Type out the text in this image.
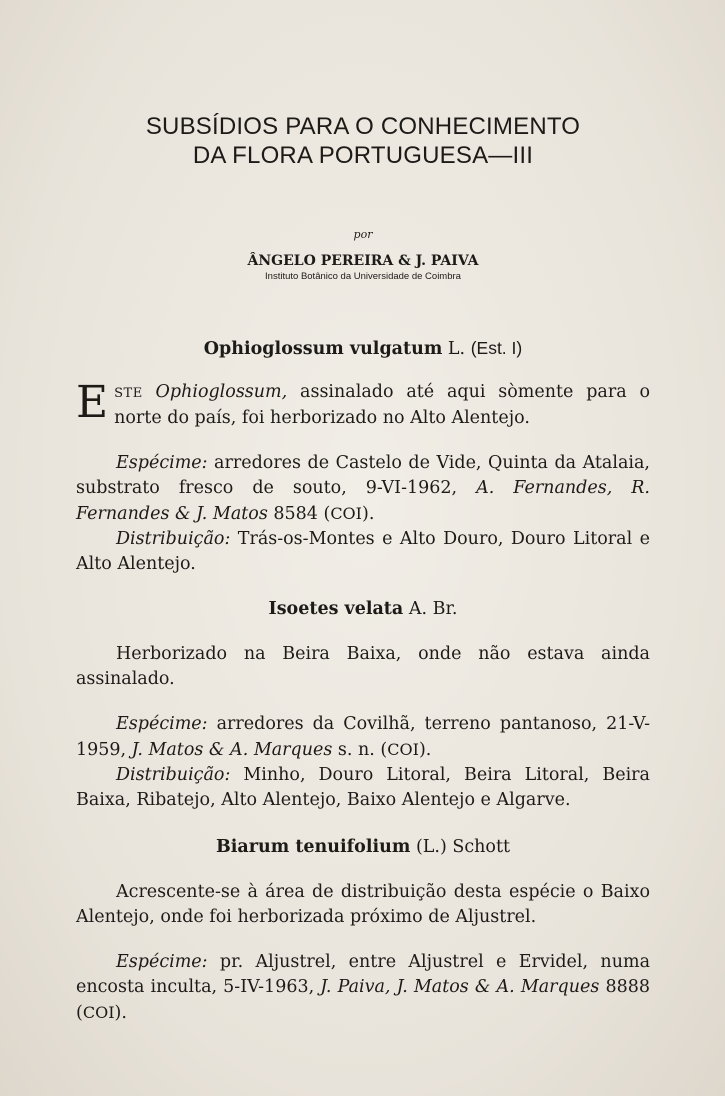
SUBSÍDIOS PARA O CONHECIMENTO
DA FLORA PORTUGUESA—III
por
ÂNGELO PEREIRA & J. PAIVA
Instituto Botânico da Universidade de Coimbra

Ophioglossum vulgatum L. (Est. I)

ESTE Ophioglossum, assinalado até aqui sòmente para o norte do país, foi herborizado no Alto Alentejo.

Espécime: arredores de Castelo de Vide, Quinta da Atalaia, substrato fresco de souto, 9-VI-1962, A. Fernandes, R. Fernandes & J. Matos 8584 (COI).

Distribuição: Trás-os-Montes e Alto Douro, Douro Litoral e Alto Alentejo.

Isoetes velata A. Br.

Herborizado na Beira Baixa, onde não estava ainda assinalado.

Espécime: arredores da Covilhã, terreno pantanoso, 21-V-1959, J. Matos & A. Marques s. n. (COI).

Distribuição: Minho, Douro Litoral, Beira Litoral, Beira Baixa, Ribatejo, Alto Alentejo, Baixo Alentejo e Algarve.

Biarum tenuifolium (L.) Schott

Acrescente-se à área de distribuição desta espécie o Baixo Alentejo, onde foi herborizada próximo de Aljustrel.

Espécime: pr. Aljustrel, entre Aljustrel e Ervidel, numa encosta inculta, 5-IV-1963, J. Paiva, J. Matos & A. Marques 8888 (COI).
